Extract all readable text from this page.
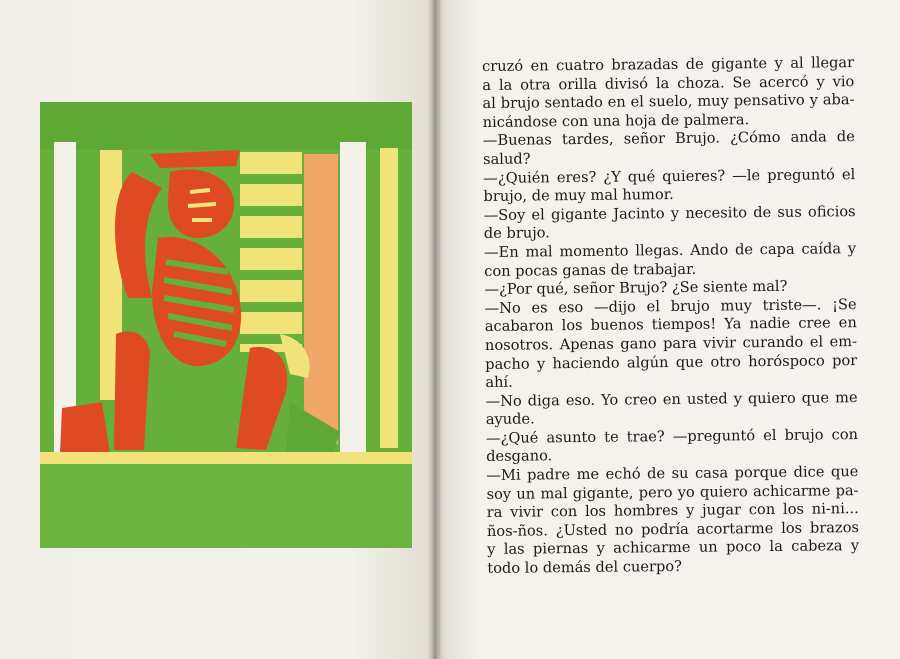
cruzó en cuatro brazadas de gigante y al llegar
a la otra orilla divisó la choza. Se acercó y vio
al brujo sentado en el suelo, muy pensativo y aba-
nicándose con una hoja de palmera.
—Buenas tardes, señor Brujo. ¿Cómo anda de
salud?
—¿Quién eres? ¿Y qué quieres? —le preguntó el
brujo, de muy mal humor.
—Soy el gigante Jacinto y necesito de sus oficios
de brujo.
—En mal momento llegas. Ando de capa caída y
con pocas ganas de trabajar.
—¿Por qué, señor Brujo? ¿Se siente mal?
—No es eso —dijo el brujo muy triste—. ¡Se
acabaron los buenos tiempos! Ya nadie cree en
nosotros. Apenas gano para vivir curando el em-
pacho y haciendo algún que otro horóspoco por
ahí.
—No diga eso. Yo creo en usted y quiero que me
ayude.
—¿Qué asunto te trae? —preguntó el brujo con
desgano.
—Mi padre me echó de su casa porque dice que
soy un mal gigante, pero yo quiero achicarme pa-
ra vivir con los hombres y jugar con los ni-ni...
ños-ños. ¿Usted no podría acortarme los brazos
y las piernas y achicarme un poco la cabeza y
todo lo demás del cuerpo?
